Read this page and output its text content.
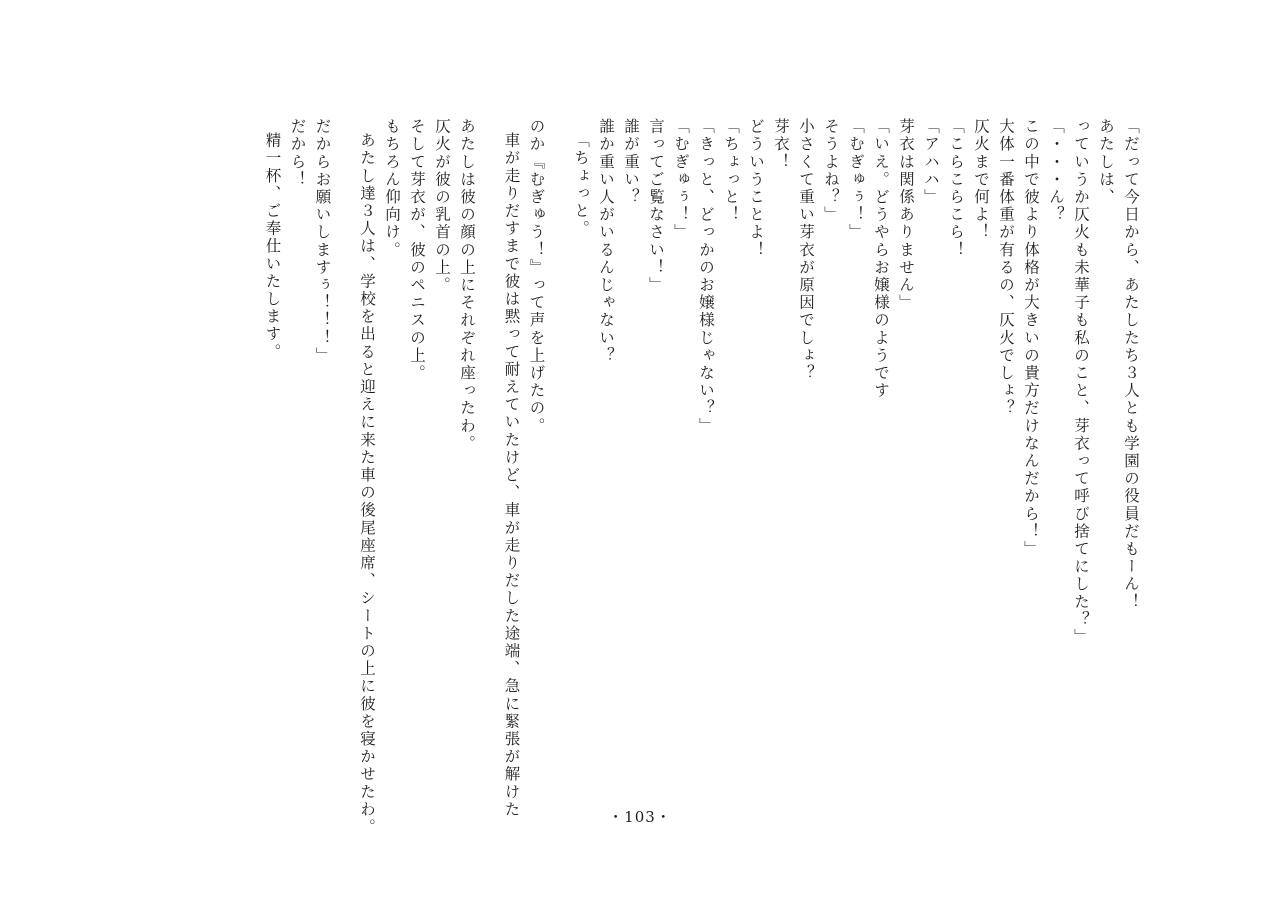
精一杯、ご奉仕いたします。 だから！ だからお願いしますぅ！！！」 あたし達３人は、学校を出ると迎えに来た車の後尾座席、シートの上に彼を寝かせたわ。 もちろん仰向け。 そして芽衣が、彼のペニスの上。 仄火が彼の乳首の上。 あたしは彼の顔の上にそれぞれ座ったわ。 車が走りだすまで彼は黙って耐えていたけど、車が走りだした途端、急に緊張が解けた のか『むぎゅう！』って声を上げたの。 「ちょっと。 誰か重い人がいるんじゃない？ 誰が重い？ 言ってご覧なさい！」 「むぎゅぅ！」 「きっと、どっかのお嬢様じゃない？」 「ちょっと！ どういうことよ！ 芽衣！ 小さくて重い芽衣が原因でしょ？ そうよね？」 「むぎゅぅ！」 「いえ。どうやらお嬢様のようです 芽衣は関係ありません」 「アハハ」 「こらこらこら！ 仄火まで何よ！ 大体一番体重が有るの、仄火でしょ？ この中で彼より体格が大きいの貴方だけなんだから！」 「・・・ん？ っていうか仄火も未華子も私のこと、芽衣って呼び捨てにした？」 あたしは、 「だって今日から、あたしたち３人とも学園の役員だもーん！
・103・
